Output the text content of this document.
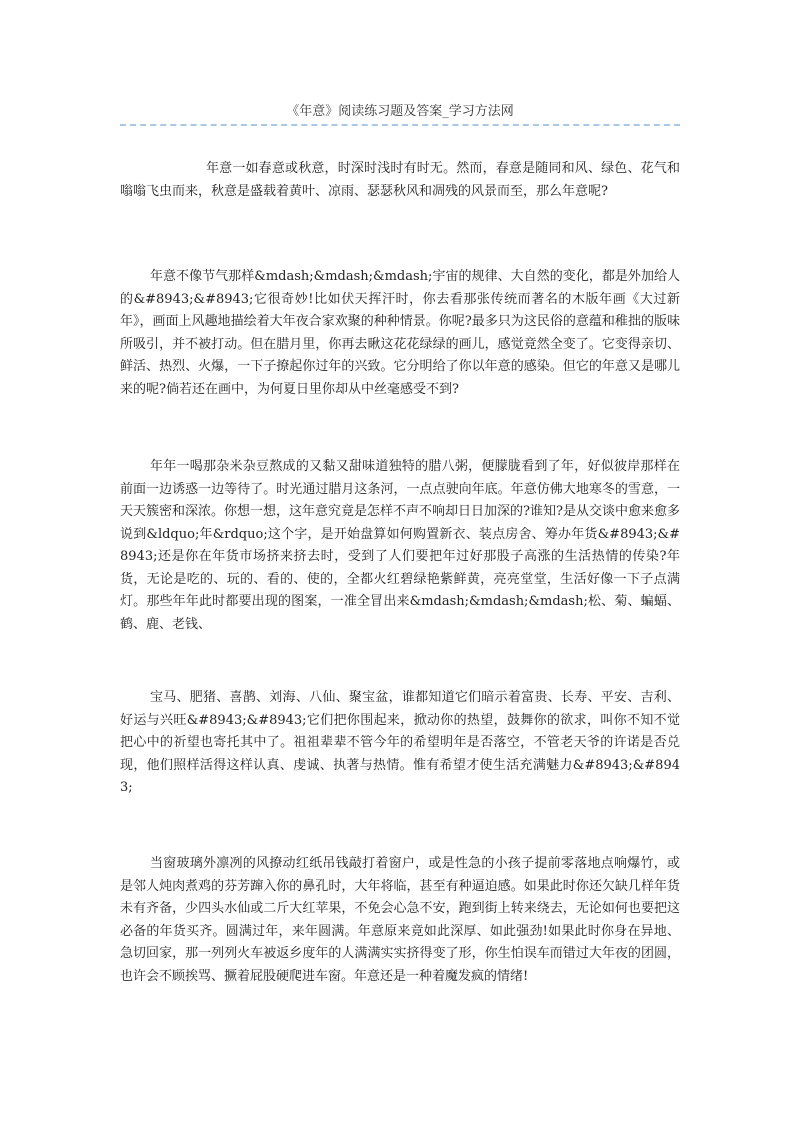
《年意》阅读练习题及答案_学习方法网

年意一如春意或秋意，时深时浅时有时无。然而，春意是随同和风、绿色、花气和嗡嗡飞虫而来，秋意是盛载着黄叶、凉雨、瑟瑟秋风和凋残的风景而至，那么年意呢?

年意不像节气那样&mdash;&mdash;&mdash;宇宙的规律、大自然的变化，都是外加给人的&#8943;&#8943;它很奇妙!比如伏天挥汗时，你去看那张传统而著名的木版年画《大过新年》，画面上风趣地描绘着大年夜合家欢聚的种种情景。你呢?最多只为这民俗的意蕴和稚拙的版味所吸引，并不被打动。但在腊月里，你再去瞅这花花绿绿的画儿，感觉竟然全变了。它变得亲切、鲜活、热烈、火爆，一下子撩起你过年的兴致。它分明给了你以年意的感染。但它的年意又是哪儿来的呢?倘若还在画中，为何夏日里你却从中丝毫感受不到?

年年一喝那杂米杂豆熬成的又黏又甜味道独特的腊八粥，便朦胧看到了年，好似彼岸那样在前面一边诱惑一边等待了。时光通过腊月这条河，一点点驶向年底。年意仿佛大地寒冬的雪意，一天天簇密和深浓。你想一想，这年意究竟是怎样不声不响却日日加深的?谁知?是从交谈中愈来愈多说到&ldquo;年&rdquo;这个字，是开始盘算如何购置新衣、装点房舍、筹办年货&#8943;&#8943;还是你在年货市场挤来挤去时，受到了人们要把年过好那股子高涨的生活热情的传染?年货，无论是吃的、玩的、看的、使的，全都火红碧绿艳紫鲜黄，亮亮堂堂，生活好像一下子点满灯。那些年年此时都要出现的图案，一准全冒出来&mdash;&mdash;&mdash;松、菊、蝙蝠、鹤、鹿、老钱、

宝马、肥猪、喜鹊、刘海、八仙、聚宝盆，谁都知道它们暗示着富贵、长寿、平安、吉利、好运与兴旺&#8943;&#8943;它们把你围起来，掀动你的热望，鼓舞你的欲求，叫你不知不觉把心中的祈望也寄托其中了。祖祖辈辈不管今年的希望明年是否落空，不管老天爷的许诺是否兑现，他们照样活得这样认真、虔诚、执著与热情。惟有希望才使生活充满魅力&#8943;&#8943;

当窗玻璃外凛冽的风撩动红纸吊钱敲打着窗户，或是性急的小孩子提前零落地点响爆竹，或是邻人炖肉煮鸡的芬芳蹿入你的鼻孔时，大年将临，甚至有种逼迫感。如果此时你还欠缺几样年货未有齐备，少四头水仙或二斤大红苹果，不免会心急不安，跑到街上转来绕去，无论如何也要把这必备的年货买齐。圆满过年，来年圆满。年意原来竟如此深厚、如此强劲!如果此时你身在异地、急切回家，那一列列火车被返乡度年的人满满实实挤得变了形，你生怕误车而错过大年夜的团圆，也许会不顾挨骂、撅着屁股硬爬进车窗。年意还是一种着魔发疯的情绪!
